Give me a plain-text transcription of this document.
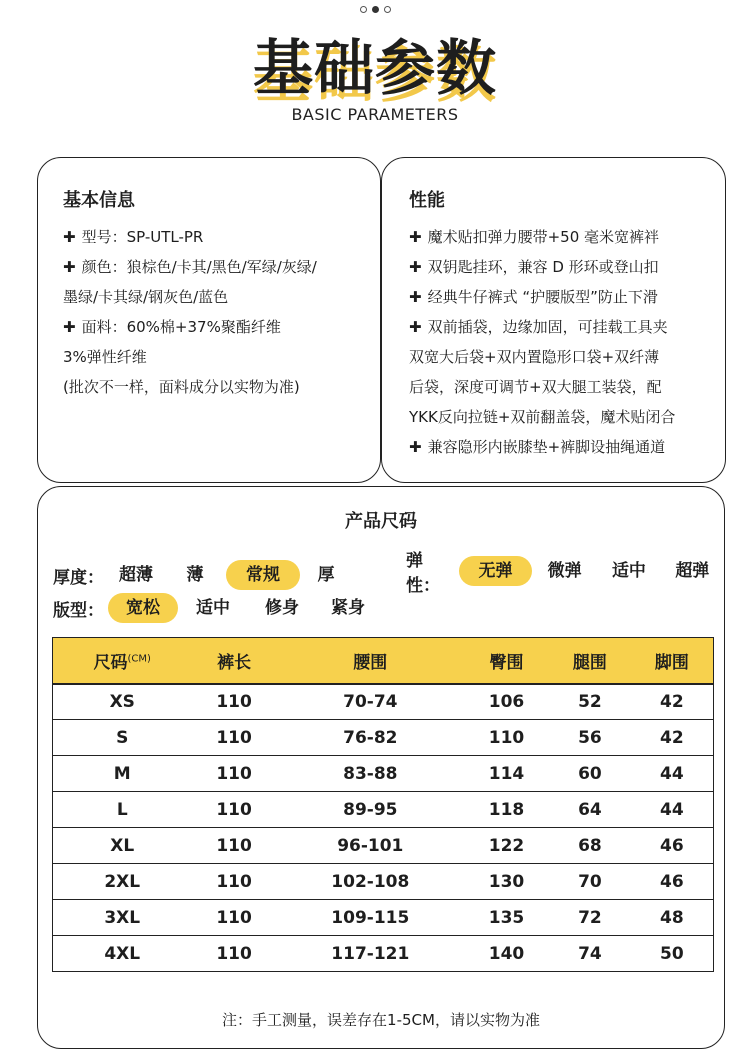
基础参数
BASIC PARAMETERS
基本信息
✚ 型号：SP-UTL-PR
✚ 颜色：狼棕色/卡其/黑色/军绿/灰绿/
墨绿/卡其绿/钢灰色/蓝色
✚ 面料：60%棉+37%聚酯纤维
3%弹性纤维
(批次不一样，面料成分以实物为准)
性能
✚ 魔术贴扣弹力腰带+50 毫米宽裤袢
✚ 双钥匙挂环，兼容 D 形环或登山扣
✚ 经典牛仔裤式 “护腰版型”防止下滑
✚ 双前插袋，边缘加固，可挂载工具夹
双宽大后袋+双内置隐形口袋+双纤薄
后袋，深度可调节+双大腿工装袋，配
YKK反向拉链+双前翻盖袋，魔术贴闭合
✚ 兼容隐形内嵌膝垫+裤脚设抽绳通道
产品尺码
厚度： 超薄	薄	常规	厚
弹性：
无弹	微弹	适中	超弹
版型：	宽松	适中	修身	紧身
尺码$^{(CM)}$	裤长	腰围	臀围	腿围	脚围
XS	110	70-74	106	52	42
S	110	76-82	110	56	42
M	110	83-88	114	60	44
L	110	89-95	118	64	44
XL	110	96-101	122	68	46
2XL	110	102-108	130	70	46
3XL	110	109-115	135	72	48
4XL	110	117-121	140	74	50
注：手工测量，误差存在1-5CM，请以实物为准
